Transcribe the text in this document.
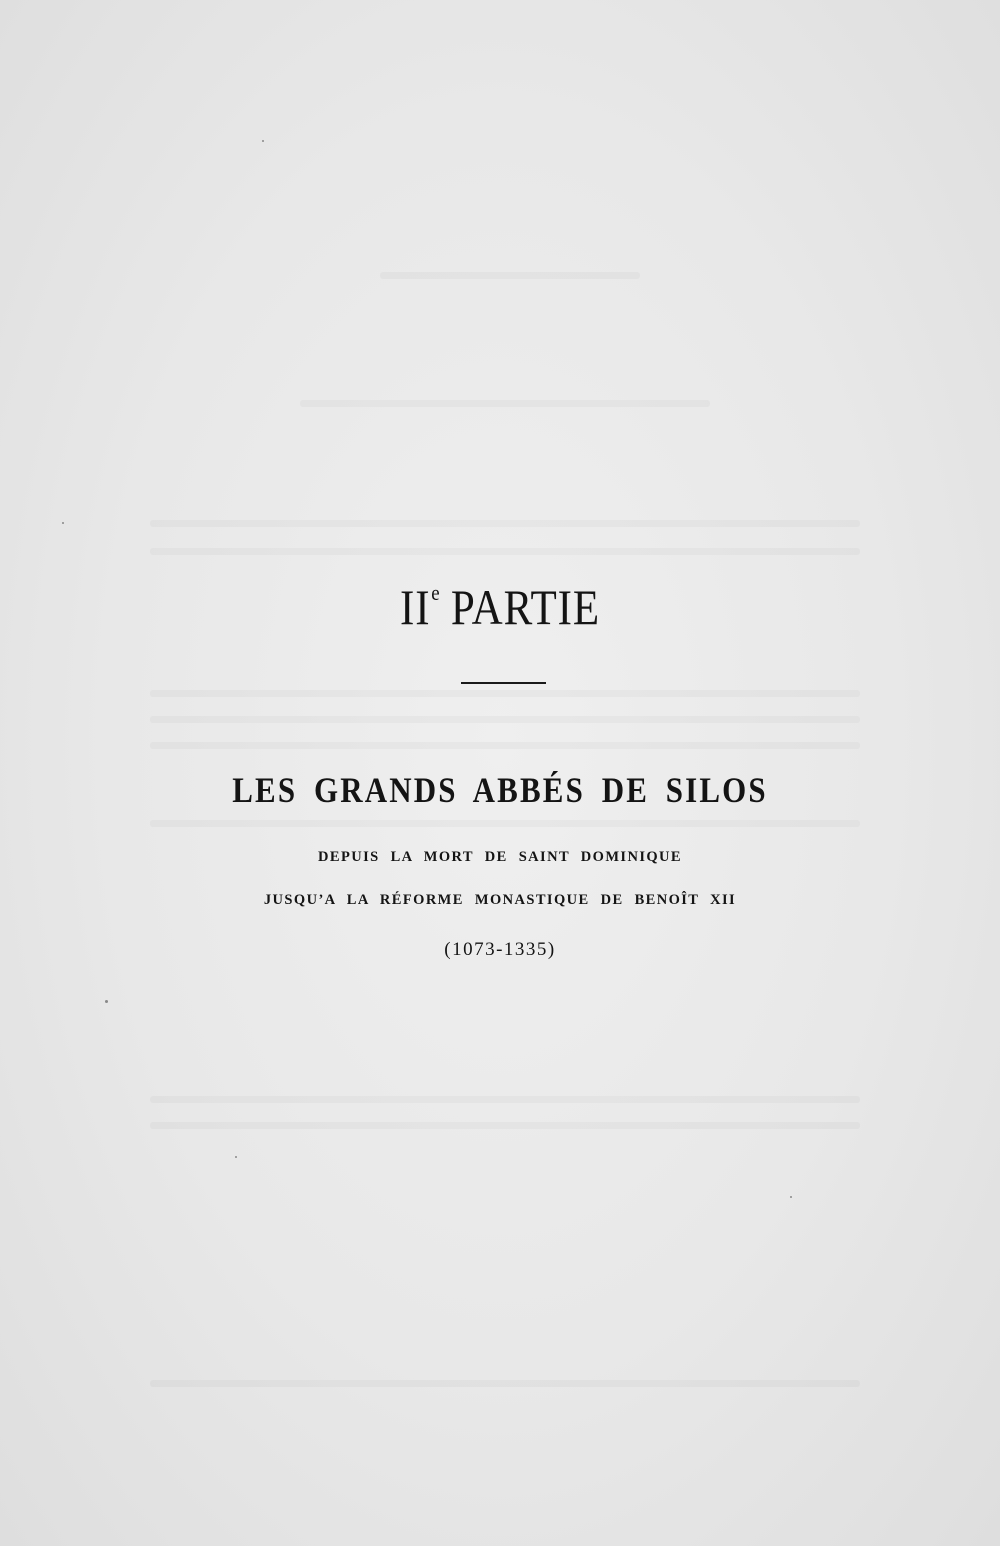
IIe PARTIE
LES GRANDS ABBÉS DE SILOS
DEPUIS LA MORT DE SAINT DOMINIQUE
JUSQU’A LA RÉFORME MONASTIQUE DE BENOÎT XII
(1073-1335)
